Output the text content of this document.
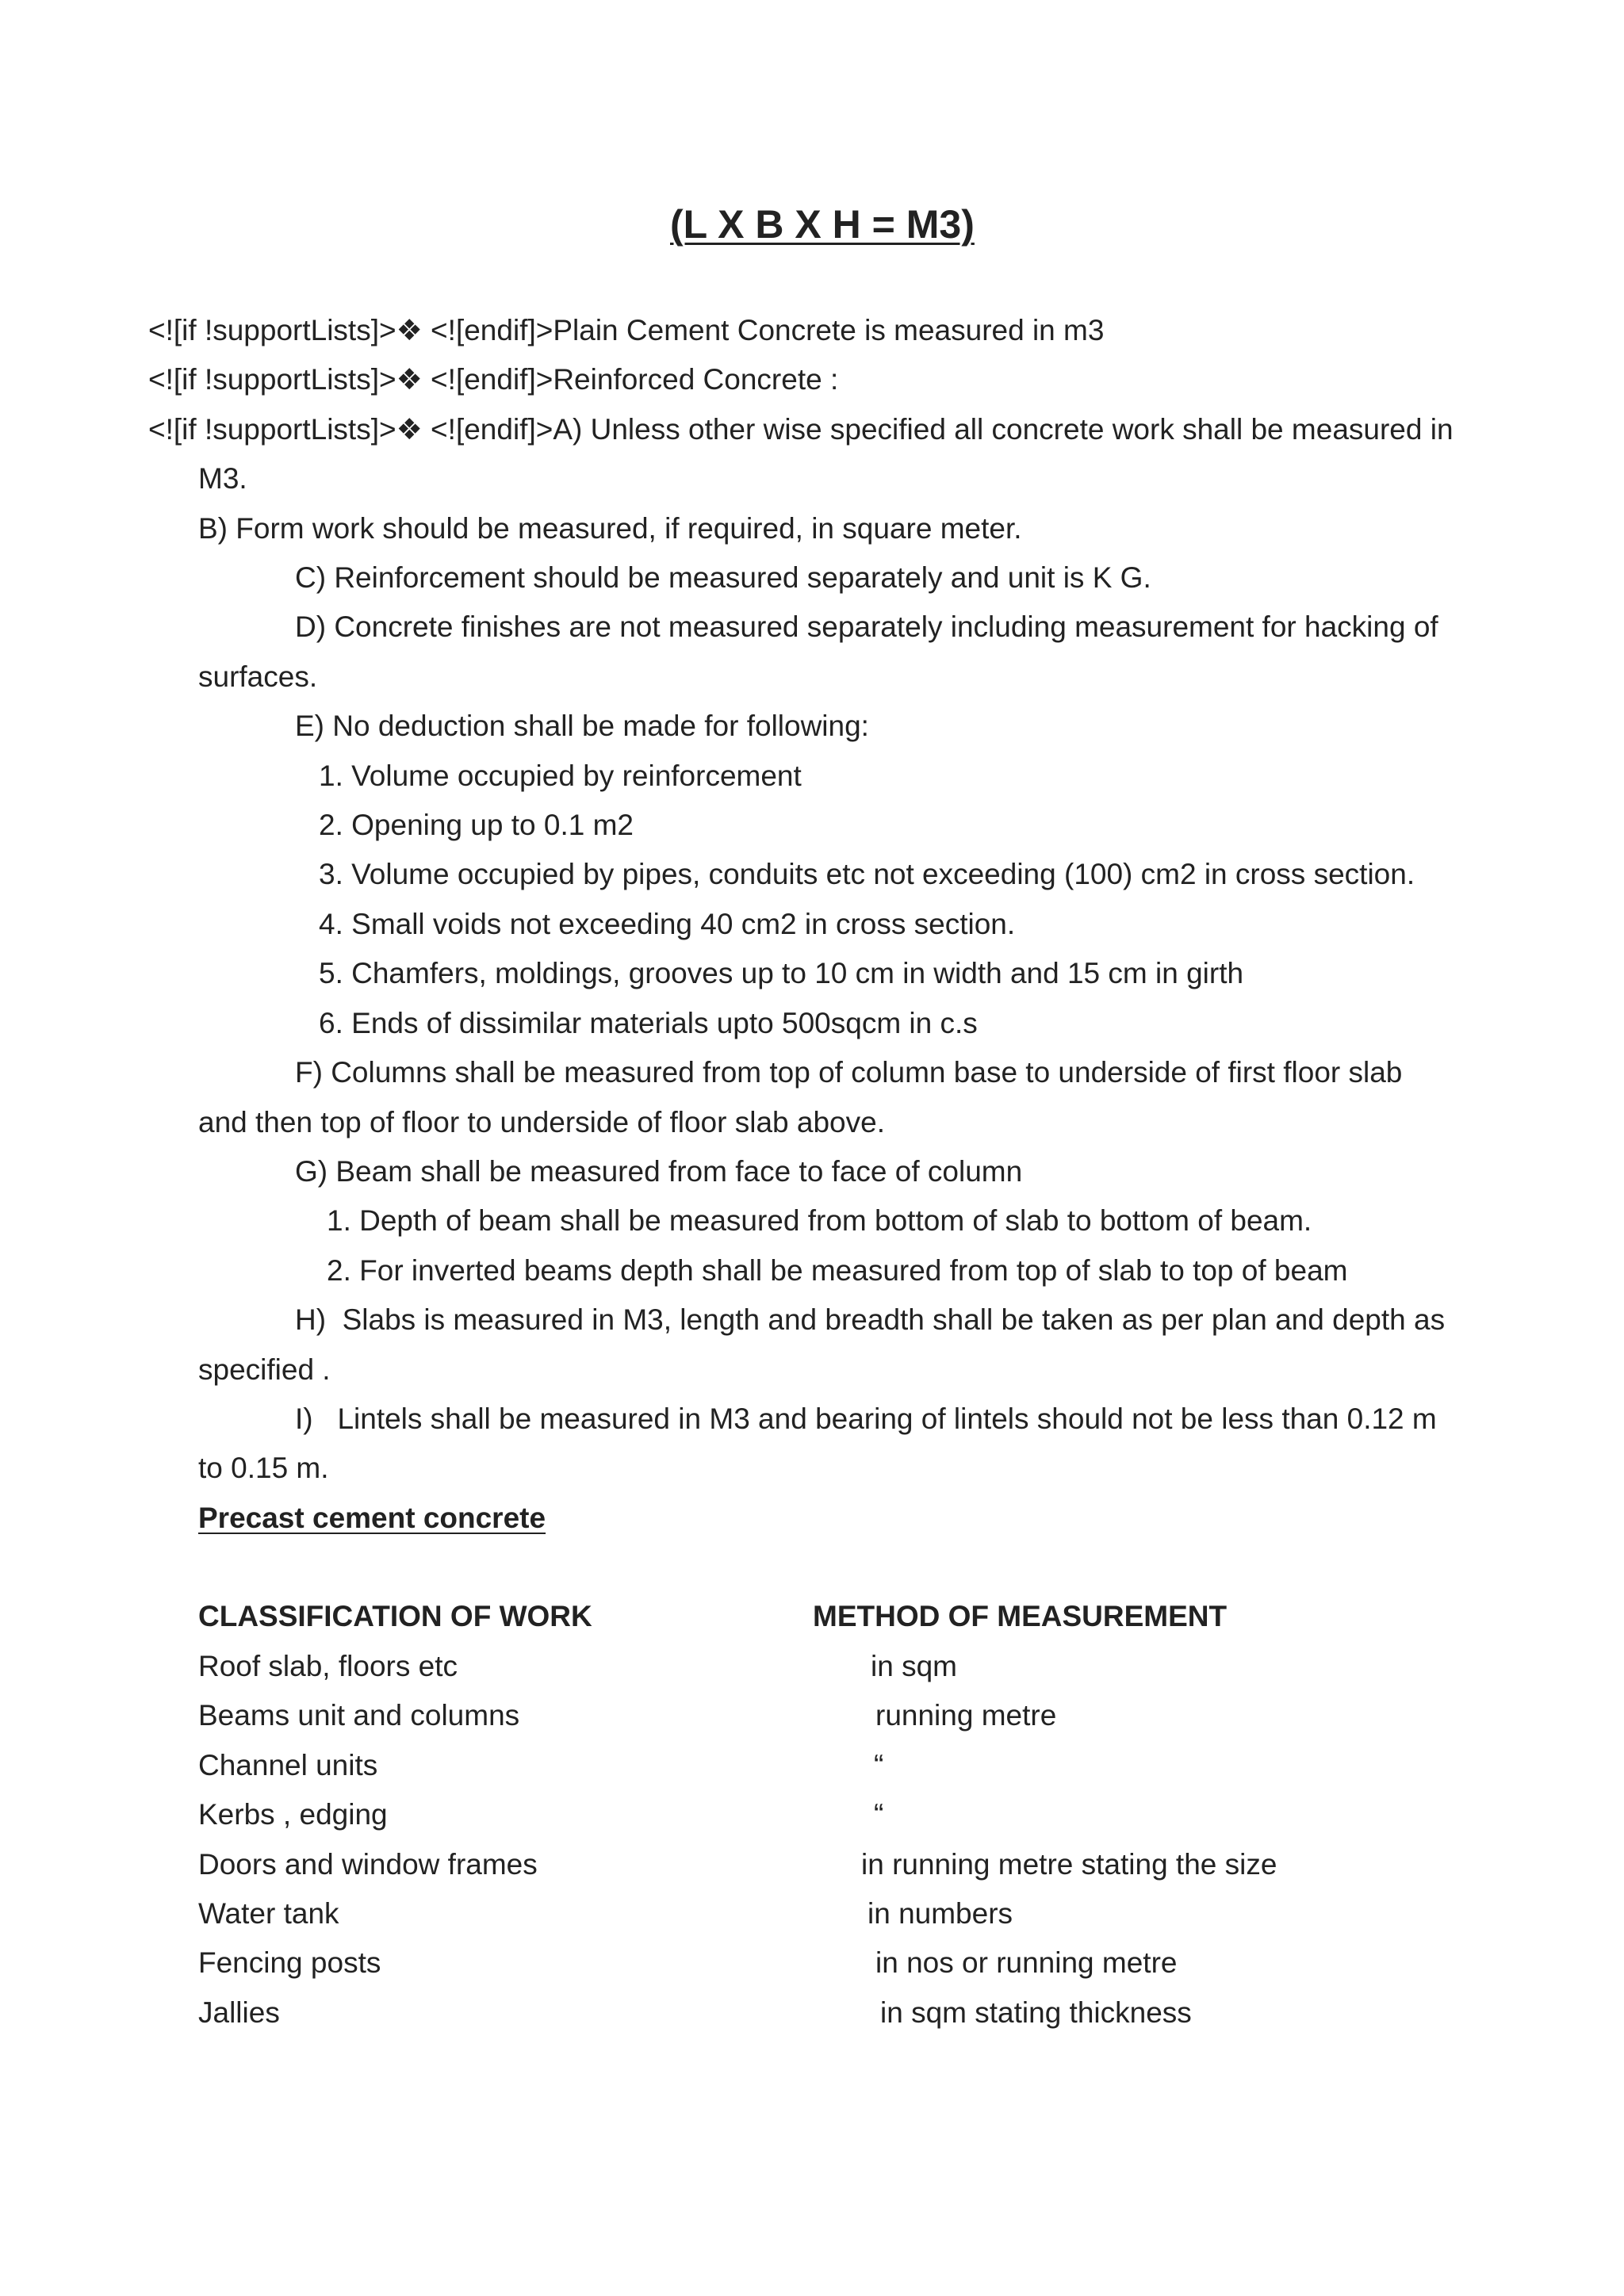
(L X B X H = M3)
<![if !supportLists]>❖ <![endif]>Plain Cement Concrete is measured in m3
<![if !supportLists]>❖ <![endif]>Reinforced Concrete :
<![if !supportLists]>❖ <![endif]>A) Unless other wise specified all concrete work shall be measured in
M3.
B) Form work should be measured, if required, in square meter.
C) Reinforcement should be measured separately and unit is K G.
D) Concrete finishes are not measured separately including measurement for hacking of
surfaces.
E) No deduction shall be made for following:
1. Volume occupied by reinforcement
2. Opening up to 0.1 m2
3. Volume occupied by pipes, conduits etc not exceeding (100) cm2 in cross section.
4. Small voids not exceeding 40 cm2 in cross section.
5. Chamfers, moldings, grooves up to 10 cm in width and 15 cm in girth
6. Ends of dissimilar materials upto 500sqcm in c.s
F) Columns shall be measured from top of column base to underside of first floor slab
and then top of floor to underside of floor slab above.
G) Beam shall be measured from face to face of column
1. Depth of beam shall be measured from bottom of slab to bottom of beam.
2. For inverted beams depth shall be measured from top of slab to top of beam
H)  Slabs is measured in M3, length and breadth shall be taken as per plan and depth as
specified .
I)   Lintels shall be measured in M3 and bearing of lintels should not be less than 0.12 m
to 0.15 m.
Precast cement concrete
CLASSIFICATION OF WORK	METHOD OF MEASUREMENT
Roof slab, floors etc	in sqm
Beams unit and columns	running metre
Channel units	“
Kerbs , edging	“
Doors and window frames	in running metre stating the size
Water tank	in numbers
Fencing posts	in nos or running metre
Jallies	in sqm stating thickness
